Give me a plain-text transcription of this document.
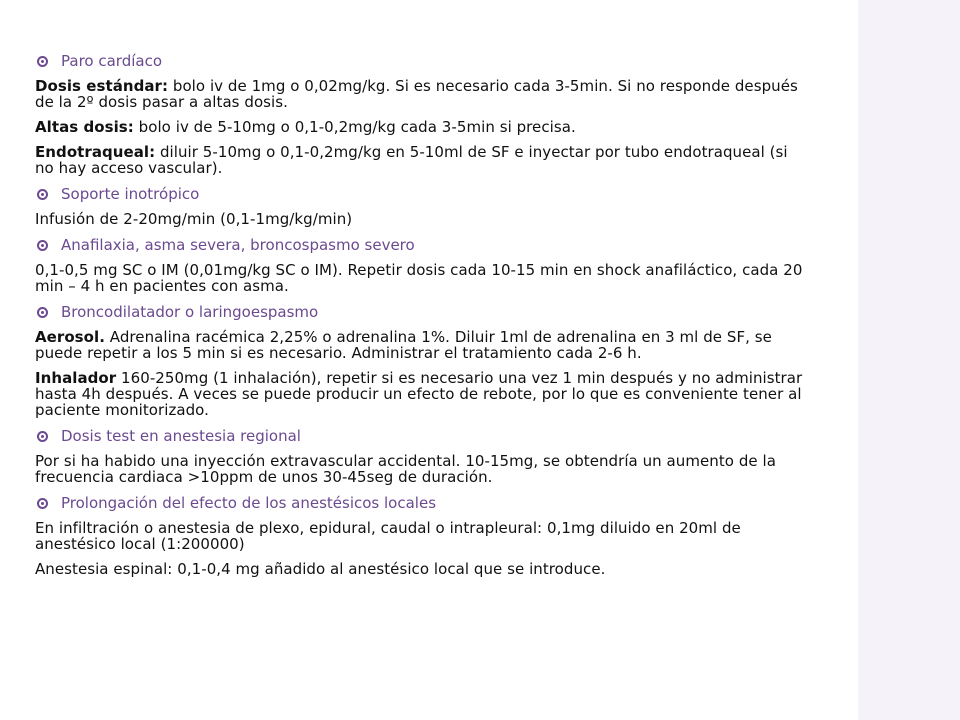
Paro cardíaco

Dosis estándar: bolo iv de 1mg o 0,02mg/kg. Si es necesario cada 3-5min. Si no responde después de la 2º dosis pasar a altas dosis.

Altas dosis: bolo iv de 5-10mg o 0,1-0,2mg/kg cada 3-5min si precisa.

Endotraqueal: diluir 5-10mg o 0,1-0,2mg/kg en 5-10ml de SF e inyectar por tubo endotraqueal (si no hay acceso vascular).

Soporte inotrópico

Infusión de 2-20mg/min (0,1-1mg/kg/min)

Anafilaxia, asma severa, broncospasmo severo

0,1-0,5 mg SC o IM (0,01mg/kg SC o IM). Repetir dosis cada 10-15 min en shock anafiláctico, cada 20 min – 4 h en pacientes con asma.

Broncodilatador o laringoespasmo

Aerosol. Adrenalina racémica 2,25% o adrenalina 1%. Diluir 1ml de adrenalina en 3 ml de SF, se puede repetir a los 5 min si es necesario. Administrar el tratamiento cada 2-6 h.

Inhalador 160-250mg (1 inhalación), repetir si es necesario una vez 1 min después y no administrar hasta 4h después. A veces se puede producir un efecto de rebote, por lo que es conveniente tener al paciente monitorizado.

Dosis test en anestesia regional

Por si ha habido una inyección extravascular accidental. 10-15mg, se obtendría un aumento de la frecuencia cardiaca >10ppm de unos 30-45seg de duración.

Prolongación del efecto de los anestésicos locales

En infiltración o anestesia de plexo, epidural, caudal o intrapleural: 0,1mg diluido en 20ml de anestésico local (1:200000)

Anestesia espinal: 0,1-0,4 mg añadido al anestésico local que se introduce.
